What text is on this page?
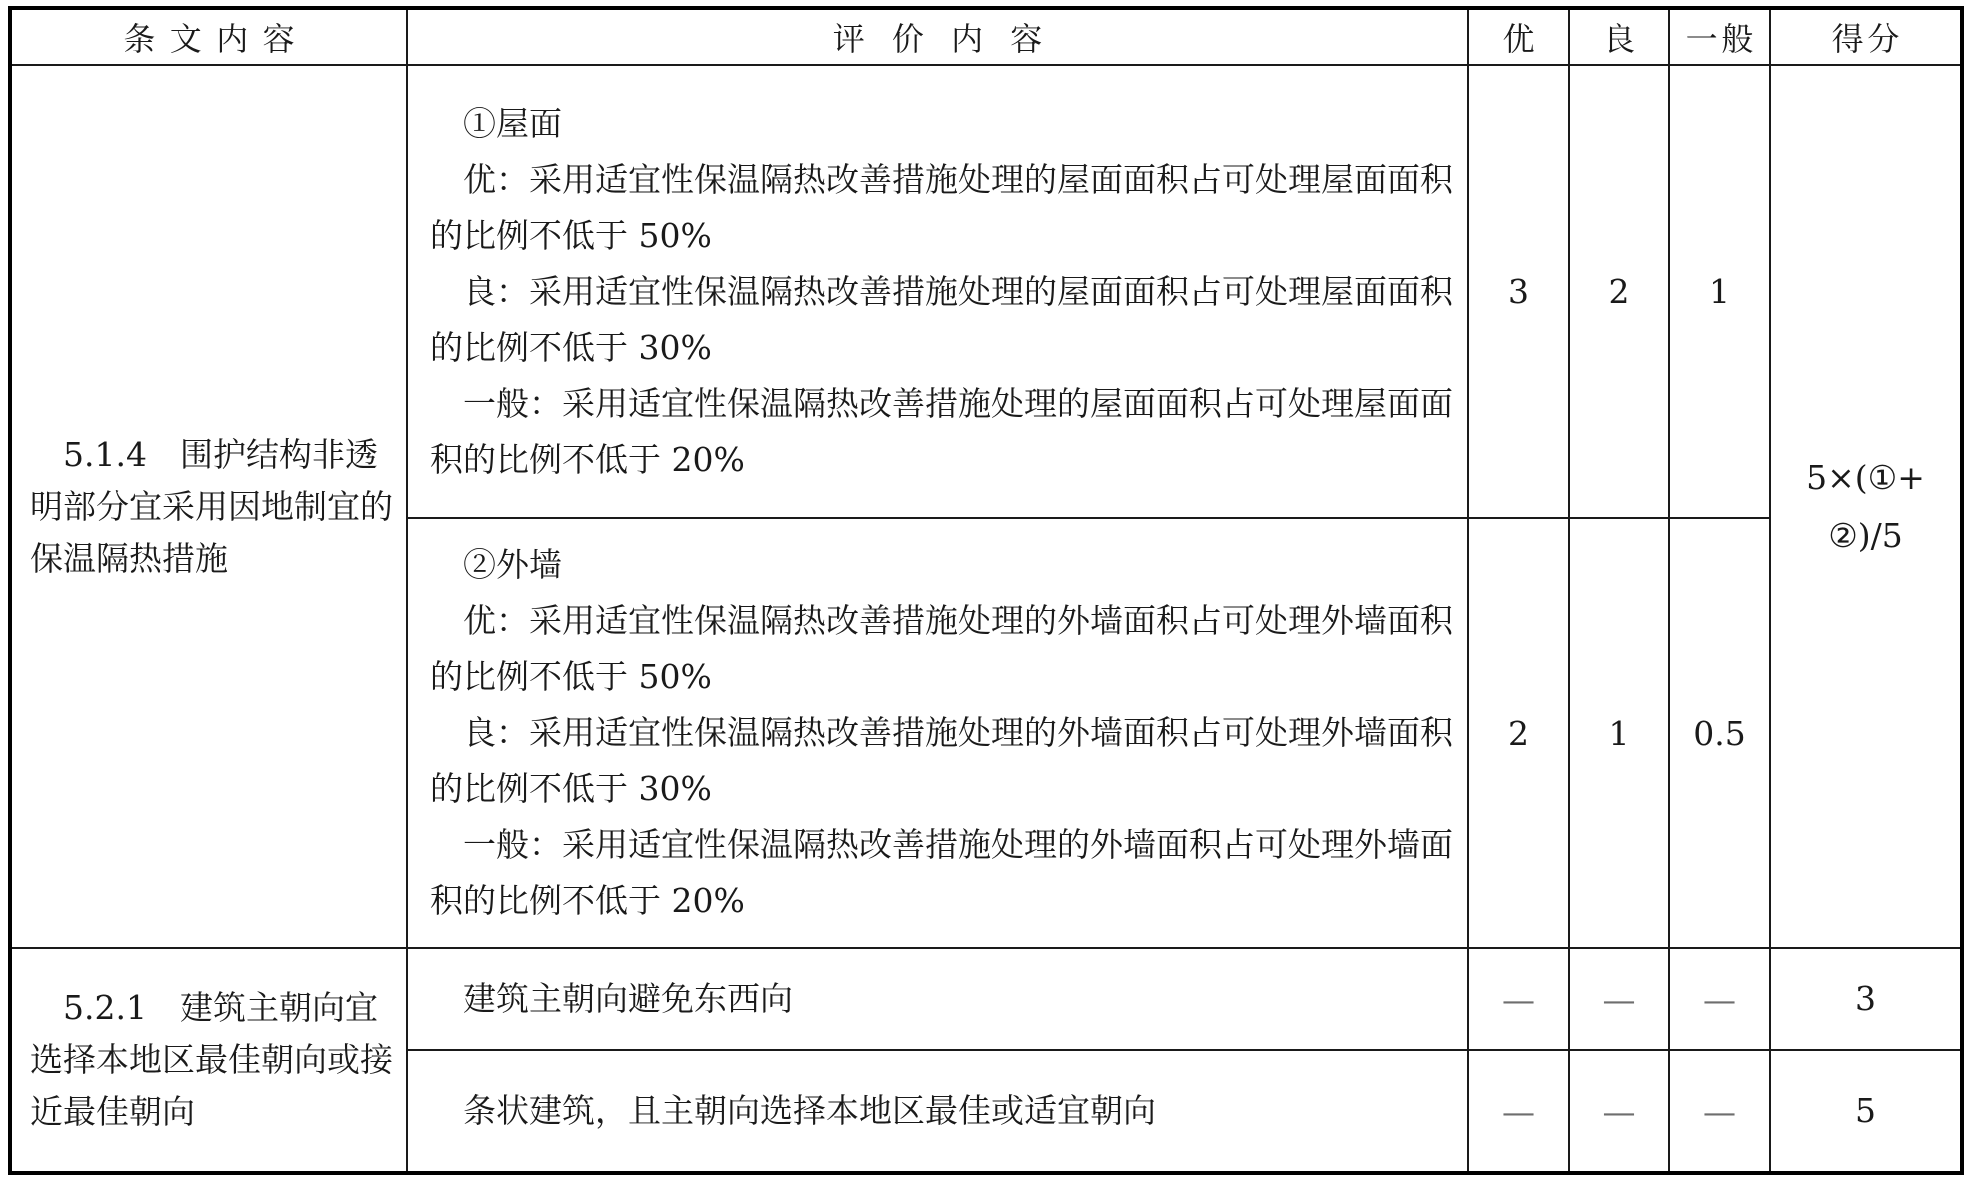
条文内容	评价内容	优	良	一般	得分

5.1.4　围护结构非透明部分宜采用因地制宜的保温隔热措施	①屋面

优：采用适宜性保温隔热改善措施处理的屋面面积占可处理屋面面积的比例不低于 50%

良：采用适宜性保温隔热改善措施处理的屋面面积占可处理屋面面积的比例不低于 30%

一般：采用适宜性保温隔热改善措施处理的屋面面积占可处理屋面面积的比例不低于 20%	3	2	1	5×(①+②)/5

	②外墙

优：采用适宜性保温隔热改善措施处理的外墙面积占可处理外墙面积的比例不低于 50%

良：采用适宜性保温隔热改善措施处理的外墙面积占可处理外墙面积的比例不低于 30%

一般：采用适宜性保温隔热改善措施处理的外墙面积占可处理外墙面积的比例不低于 20%	2	1	0.5	

5.2.1　建筑主朝向宜选择本地区最佳朝向或接近最佳朝向	建筑主朝向避免东西向	—	—	—	3

	条状建筑，且主朝向选择本地区最佳或适宜朝向	—	—	—	5
